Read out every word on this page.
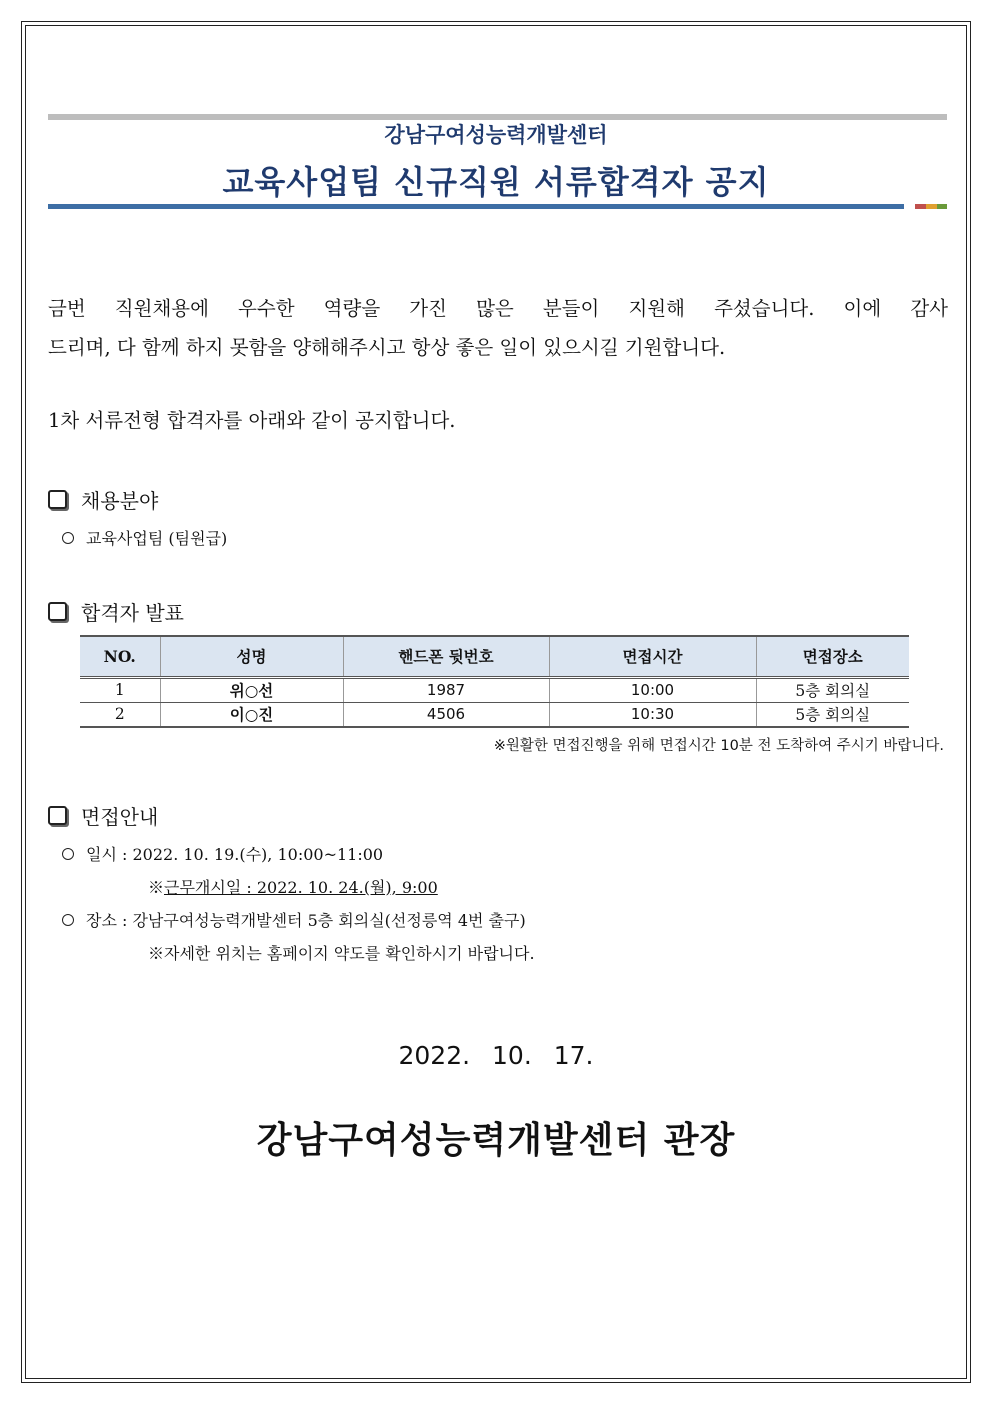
강남구여성능력개발센터
교육사업팀 신규직원 서류합격자 공지
금번 직원채용에 우수한 역량을 가진 많은 분들이 지원해 주셨습니다. 이에 감사
드리며, 다 함께 하지 못함을 양해해주시고 항상 좋은 일이 있으시길 기원합니다.
1차 서류전형 합격자를 아래와 같이 공지합니다.
채용분야
교육사업팀 (팀원급)
합격자 발표
NO.	성명	핸드폰 뒷번호	면접시간	면접장소
1	위○선	1987	10:00	5층 회의실
2	이○진	4506	10:30	5층 회의실
※원활한 면접진행을 위해 면접시간 10분 전 도착하여 주시기 바랍니다.
면접안내
일시 : 2022. 10. 19.(수), 10:00~11:00
※근무개시일 : 2022. 10. 24.(월), 9:00
장소 : 강남구여성능력개발센터 5층 회의실(선정릉역 4번 출구)
※자세한 위치는 홈페이지 약도를 확인하시기 바랍니다.
2022. 10. 17.
강남구여성능력개발센터 관장
